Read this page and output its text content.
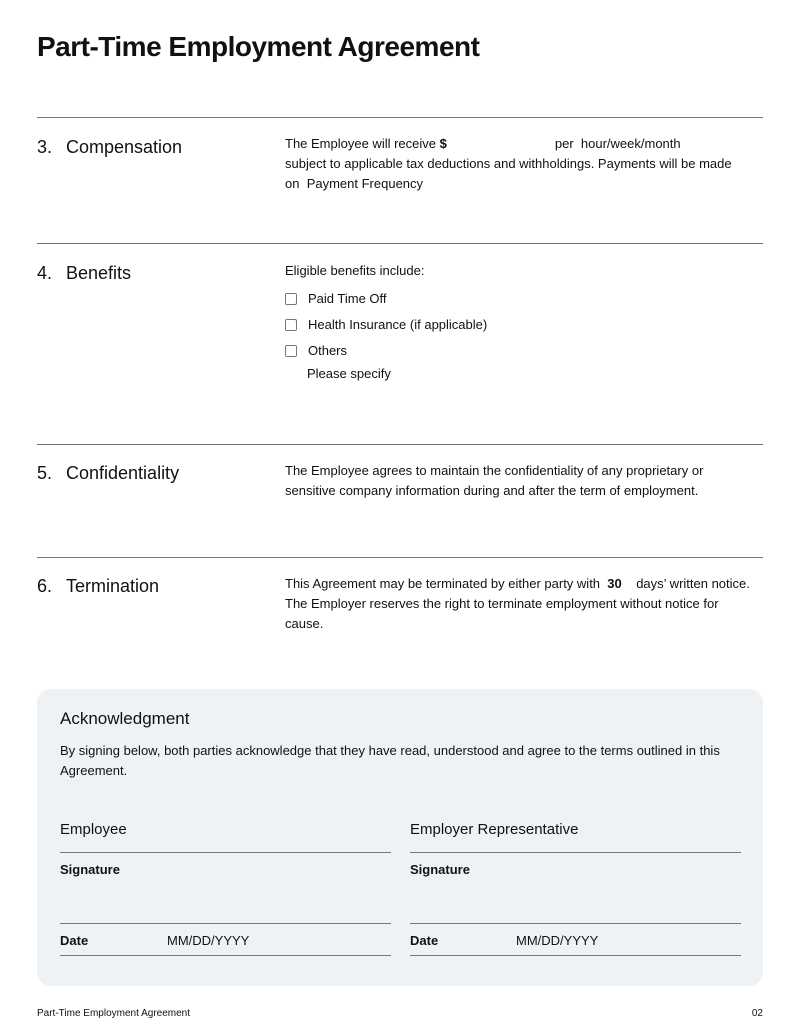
Part-Time Employment Agreement
3. Compensation	The Employee will receive $	per hour/week/month
subject to applicable tax deductions and withholdings. Payments will be made
on Payment Frequency
4. Benefits	Eligible benefits include:
Paid Time Off
Health Insurance (if applicable)
Others
Please specify
5. Confidentiality	The Employee agrees to maintain the confidentiality of any proprietary or sensitive company information during and after the term of employment.
6. Termination	This Agreement may be terminated by either party with 30 days’ written notice.
The Employer reserves the right to terminate employment without notice for cause.
Acknowledgment
By signing below, both parties acknowledge that they have read, understood and agree to the terms outlined in this Agreement.
Employee
Signature
Date	MM/DD/YYYY
Employer Representative
Signature
Date	MM/DD/YYYY
Part-Time Employment Agreement	02
